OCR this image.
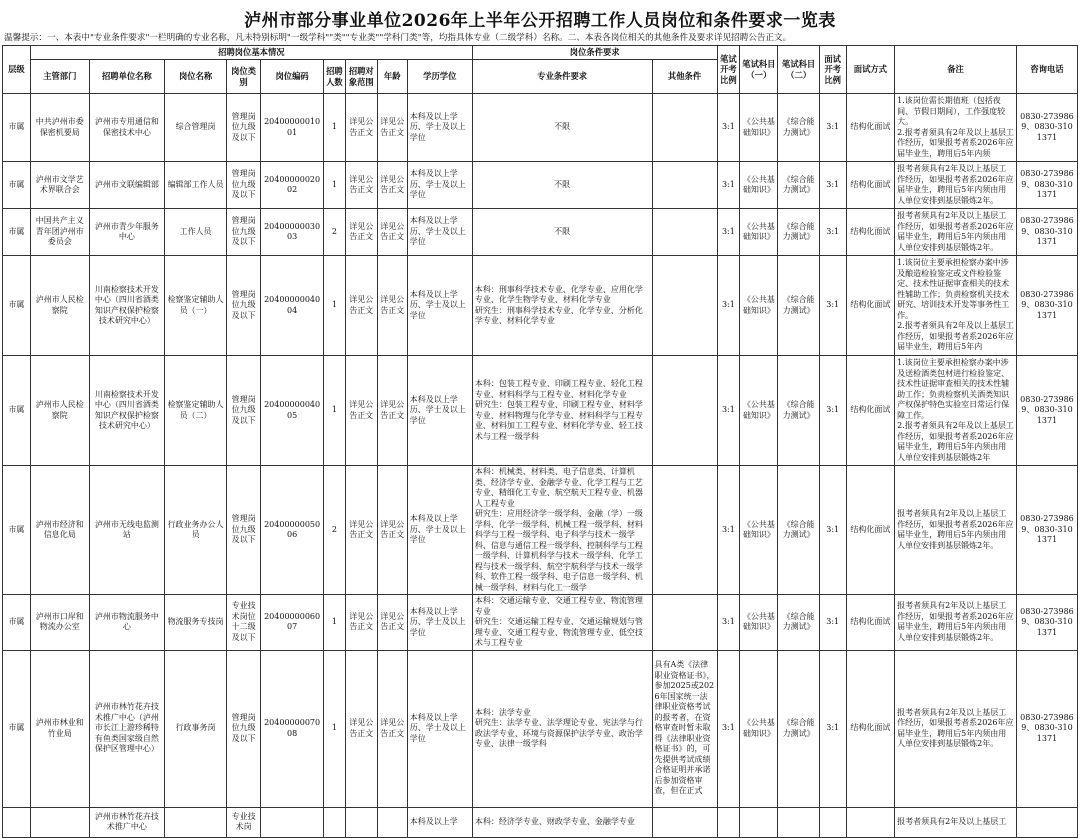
泸州市部分事业单位2026年上半年公开招聘工作人员岗位和条件要求一览表
温馨提示：一、本表中"专业条件要求"一栏明确的专业名称，凡未特别标明"一级学科""类""专业类""学科门类"等，均指具体专业（二级学科）名称。二、本表各岗位相关的其他条件及要求详见招聘公告正文。
层级	招聘岗位基本情况									岗位条件要求		笔试开考比例	笔试科目（一）	笔试科目（二）	面试开考比例	面试方式	备注	咨询电话
	主管部门	招聘单位名称	岗位名称	岗位类别	岗位编码	招聘人数	招聘对象范围	年龄	学历学位	专业条件要求	其他条件							
市属	中共泸州市委保密机要局	泸州市专用通信和保密技术中心	综合管理岗	管理岗位九级及以下	2040000001001	1	详见公告正文	详见公告正文	本科及以上学历、学士及以上学位	不限		3:1	《公共基础知识》	《综合能力测试》	3:1	结构化面试	1.该岗位需长期值班（包括夜间、节假日期间），工作强度较大。
2.报考者须具有2年及以上基层工作经历，如果报考者系2026年应届毕业生，聘用后5年内须	0830-2739869、0830-3101371
市属	泸州市文学艺术界联合会	泸州市文联编辑部	编辑部工作人员	管理岗位九级及以下	2040000002002	1	详见公告正文	详见公告正文	本科及以上学历、学士及以上学位	不限		3:1	《公共基础知识》	《综合能力测试》	3:1	结构化面试	报考者须具有2年及以上基层工作经历，如果报考者系2026年应届毕业生，聘用后5年内须由用人单位安排到基层锻炼2年。	0830-2739869、0830-3101371
市属	中国共产主义青年团泸州市委员会	泸州市青少年服务中心	工作人员	管理岗位九级及以下	2040000003003	2	详见公告正文	详见公告正文	本科及以上学历、学士及以上学位	不限		3:1	《公共基础知识》	《综合能力测试》	3:1	结构化面试	报考者须具有2年及以上基层工作经历，如果报考者系2026年应届毕业生，聘用后5年内须由用人单位安排到基层锻炼2年。	0830-2739869、0830-3101371
市属	泸州市人民检察院	川南检察技术开发中心（四川省酒类知识产权保护检察技术研究中心）	检察鉴定辅助人员（一）	管理岗位九级及以下	2040000004004	1	详见公告正文	详见公告正文	本科及以上学历、学士及以上学位	本科：刑事科学技术专业、化学专业、应用化学专业、化学生物学专业、材料化学专业
研究生：刑事科学技术专业、化学专业、分析化学专业、材料化学专业		3:1	《公共基础知识》	《综合能力测试》	3:1	结构化面试	1.该岗位主要承担检察办案中涉及酿造检验鉴定或文件检验鉴定、技术性证据审查相关的技术性辅助工作；负责检察机关技术研究、培训技术开发等事务性工作。
2.报考者须具有2年及以上基层工作经历，如果报考者系2026年应届毕业生，聘用后5年内	0830-2739869、0830-3101371
市属	泸州市人民检察院	川南检察技术开发中心（四川省酒类知识产权保护检察技术研究中心）	检察鉴定辅助人员（二）	管理岗位九级及以下	2040000004005	1	详见公告正文	详见公告正文	本科及以上学历、学士及以上学位	本科：包装工程专业、印刷工程专业、轻化工程专业、材料科学与工程专业、材料化学专业
研究生：包装工程专业、印刷工程专业、材料学专业、材料物理与化学专业、材料科学与工程专业、材料加工工程专业、材料化学专业、轻工技术与工程一级学科		3:1	《公共基础知识》	《综合能力测试》	3:1	结构化面试	1.该岗位主要承担检察办案中涉及送检酒类包材进行检验鉴定、技术性证据审查相关的技术性辅助工作；负责检察机关酒类知识产权保护特色实验室日常运行保障工作。
2.报考者须具有2年及以上基层工作经历，如果报考者系2026年应届毕业生，聘用后5年内须由用人单位安排到基层锻炼2年	0830-2739869、0830-3101371
市属	泸州市经济和信息化局	泸州市无线电监测站	行政业务办公人员	管理岗位九级及以下	2040000005006	2	详见公告正文	详见公告正文	本科及以上学历、学士及以上学位	本科：机械类、材料类、电子信息类、计算机类、经济学专业、金融学专业、化学工程与工艺专业、精细化工专业、航空航天工程专业、机器人工程专业
研究生：应用经济学一级学科、金融（学）一级学科、化学一级学科、机械工程一级学科、材料科学与工程一级学科、电子科学与技术一级学科、信息与通信工程一级学科、控制科学与工程一级学科、计算机科学与技术一级学科、化学工程与技术一级学科、航空宇航科学与技术一级学科、软件工程一级学科、电子信息一级学科、机械一级学科、材料与化工一级学		3:1	《公共基础知识》	《综合能力测试》	3:1	结构化面试	报考者须具有2年及以上基层工作经历，如果报考者系2026年应届毕业生，聘用后5年内须由用人单位安排到基层锻炼2年。	0830-2739869、0830-3101371
市属	泸州市口岸和物流办公室	泸州市物流服务中心	物流服务专技岗	专业技术岗位十二级及以下	2040000006007	1	详见公告正文	详见公告正文	本科及以上学历、学士及以上学位	本科：交通运输专业、交通工程专业、物流管理专业
研究生：交通运输工程专业、交通运输规划与管理专业、交通工程专业、物流管理专业、低空技术与工程专业		3:1	《公共基础知识》	《综合能力测试》	3:1	结构化面试	报考者须具有2年及以上基层工作经历，如果报考者系2026年应届毕业生，聘用后5年内须由用人单位安排到基层锻炼2年。	0830-2739869、0830-3101371
市属	泸州市林业和竹业局	泸州市林竹花卉技术推广中心（泸州市长江上游珍稀特有鱼类国家级自然保护区管理中心）	行政事务岗	管理岗位九级及以下	2040000007008	1	详见公告正文	详见公告正文	本科及以上学历、学士及以上学位	本科：法学专业
研究生：法学专业、法学理论专业、宪法学与行政法学专业、环境与资源保护法学专业、政治学专业、法律一级学科	具有A类《法律职业资格证书》，参加2025或2026年国家统一法律职业资格考试的报考者，在资格审查时暂未取得《法律职业资格证书》的，可先提供考试成绩合格证明并承诺后参加资格审查，但在正式	3:1	《公共基础知识》	《综合能力测试》	3:1	结构化面试	报考者须具有2年及以上基层工作经历，如果报考者系2026年应届毕业生，聘用后5年内须由用人单位安排到基层锻炼2年。	0830-2739869、0830-3101371
		泸州市林竹花卉技术推广中心		专业技术岗					本科及以上学	本科：经济学专业、财政学专业、金融学专业							报考者须具有2年及以上基层工	
